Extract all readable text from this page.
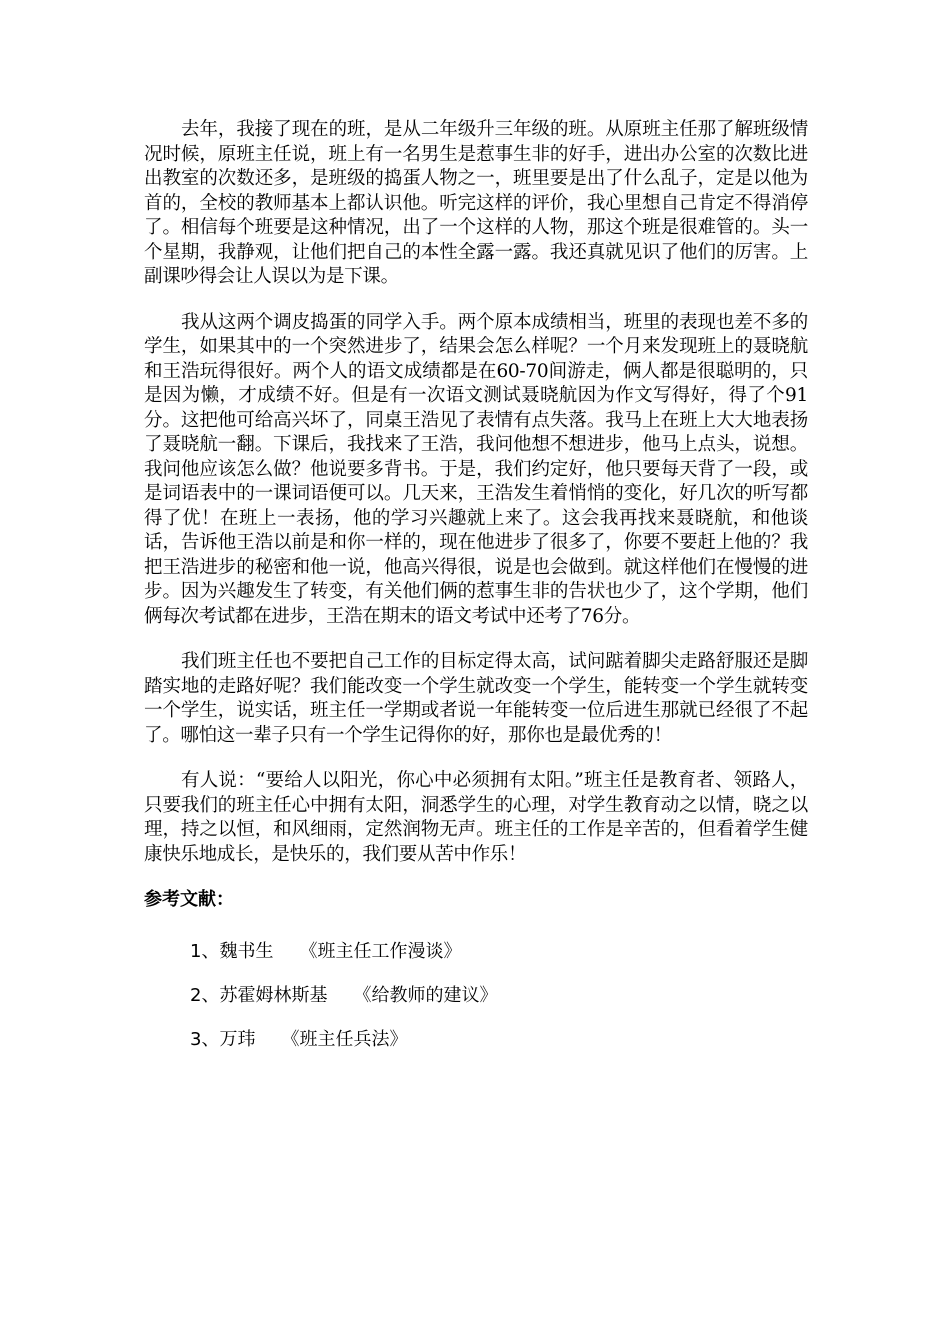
去年，我接了现在的班，是从二年级升三年级的班。从原班主任那了解班级情况时候，原班主任说，班上有一名男生是惹事生非的好手，进出办公室的次数比进出教室的次数还多，是班级的捣蛋人物之一，班里要是出了什么乱子，定是以他为首的，全校的教师基本上都认识他。听完这样的评价，我心里想自己肯定不得消停了。相信每个班要是这种情况，出了一个这样的人物，那这个班是很难管的。头一个星期，我静观，让他们把自己的本性全露一露。我还真就见识了他们的厉害。上副课吵得会让人误以为是下课。

我从这两个调皮捣蛋的同学入手。两个原本成绩相当，班里的表现也差不多的学生，如果其中的一个突然进步了，结果会怎么样呢？一个月来发现班上的聂晓航和王浩玩得很好。两个人的语文成绩都是在60-70间游走，俩人都是很聪明的，只是因为懒，才成绩不好。但是有一次语文测试聂晓航因为作文写得好，得了个91分。这把他可给高兴坏了，同桌王浩见了表情有点失落。我马上在班上大大地表扬了聂晓航一翻。下课后，我找来了王浩，我问他想不想进步，他马上点头，说想。我问他应该怎么做？他说要多背书。于是，我们约定好，他只要每天背了一段，或是词语表中的一课词语便可以。几天来，王浩发生着悄悄的变化，好几次的听写都得了优！在班上一表扬，他的学习兴趣就上来了。这会我再找来聂晓航，和他谈话，告诉他王浩以前是和你一样的，现在他进步了很多了，你要不要赶上他的？我把王浩进步的秘密和他一说，他高兴得很，说是也会做到。就这样他们在慢慢的进步。因为兴趣发生了转变，有关他们俩的惹事生非的告状也少了，这个学期，他们俩每次考试都在进步，王浩在期末的语文考试中还考了76分。

我们班主任也不要把自己工作的目标定得太高，试问踮着脚尖走路舒服还是脚踏实地的走路好呢？我们能改变一个学生就改变一个学生，能转变一个学生就转变一个学生，说实话，班主任一学期或者说一年能转变一位后进生那就已经很了不起了。哪怕这一辈子只有一个学生记得你的好，那你也是最优秀的！

有人说：“要给人以阳光，你心中必须拥有太阳。”班主任是教育者、领路人，只要我们的班主任心中拥有太阳，洞悉学生的心理，对学生教育动之以情，晓之以理，持之以恒，和风细雨，定然润物无声。班主任的工作是辛苦的，但看着学生健康快乐地成长，是快乐的，我们要从苦中作乐！

参考文献：
1、魏书生 《班主任工作漫谈》
2、苏霍姆林斯基 《给教师的建议》
3、万玮 《班主任兵法》
